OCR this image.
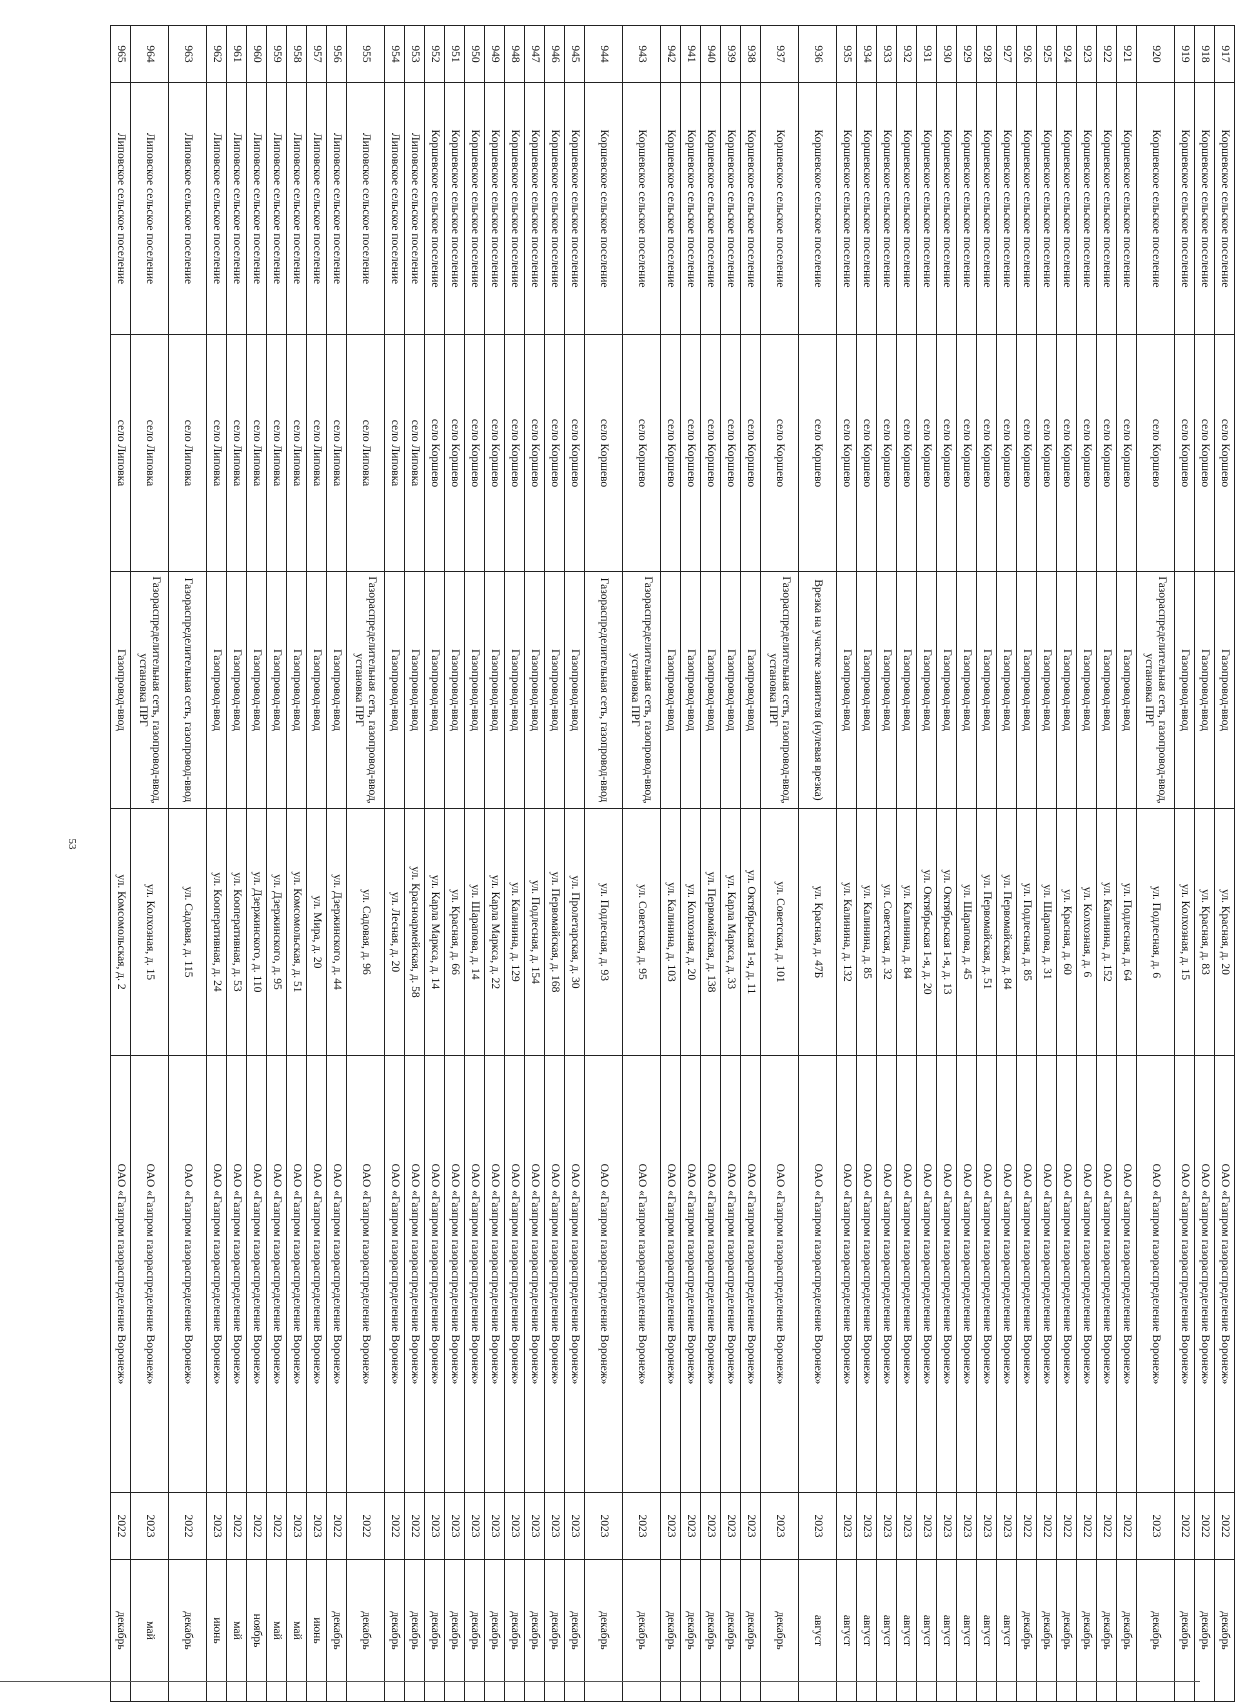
53
917	Коршевское сельское поселение	село Коршево	Газопровод-ввод	ул. Красная, д. 20	ОАО «Газпром газораспределение Воронеж»	2022	декабрь
918	Коршевское сельское поселение	село Коршево	Газопровод-ввод	ул. Красная, д. 83	ОАО «Газпром газораспределение Воронеж»	2022	декабрь
919	Коршевское сельское поселение	село Коршево	Газопровод-ввод	ул. Колхозная, д. 15	ОАО «Газпром газораспределение Воронеж»	2022	декабрь
920	Коршевское сельское поселение	село Коршево	Газораспределительная сеть, газопровод-ввод, установка ПРГ	ул. Подлесная, д. 6	ОАО «Газпром газораспределение Воронеж»	2023	декабрь
921	Коршевское сельское поселение	село Коршево	Газопровод-ввод	ул. Подлесная, д. 64	ОАО «Газпром газораспределение Воронеж»	2022	декабрь
922	Коршевское сельское поселение	село Коршево	Газопровод-ввод	ул. Калинина, д. 152	ОАО «Газпром газораспределение Воронеж»	2022	декабрь
923	Коршевское сельское поселение	село Коршево	Газопровод-ввод	ул. Колхозная, д. 6	ОАО «Газпром газораспределение Воронеж»	2022	декабрь
924	Коршевское сельское поселение	село Коршево	Газопровод-ввод	ул. Красная, д. 60	ОАО «Газпром газораспределение Воронеж»	2022	декабрь
925	Коршевское сельское поселение	село Коршево	Газопровод-ввод	ул. Шарапова, д. 31	ОАО «Газпром газораспределение Воронеж»	2022	декабрь
926	Коршевское сельское поселение	село Коршево	Газопровод-ввод	ул. Подлесная, д. 85	ОАО «Газпром газораспределение Воронеж»	2022	декабрь
927	Коршевское сельское поселение	село Коршево	Газопровод-ввод	ул. Первомайская, д. 84	ОАО «Газпром газораспределение Воронеж»	2023	август
928	Коршевское сельское поселение	село Коршево	Газопровод-ввод	ул. Первомайская, д. 51	ОАО «Газпром газораспределение Воронеж»	2023	август
929	Коршевское сельское поселение	село Коршево	Газопровод-ввод	ул. Шарапова, д. 45	ОАО «Газпром газораспределение Воронеж»	2023	август
930	Коршевское сельское поселение	село Коршево	Газопровод-ввод	ул. Октябрьская 1-я, д. 13	ОАО «Газпром газораспределение Воронеж»	2023	август
931	Коршевское сельское поселение	село Коршево	Газопровод-ввод	ул. Октябрьская 1-я, д. 20	ОАО «Газпром газораспределение Воронеж»	2023	август
932	Коршевское сельское поселение	село Коршево	Газопровод-ввод	ул. Калинина, д. 84	ОАО «Газпром газораспределение Воронеж»	2023	август
933	Коршевское сельское поселение	село Коршево	Газопровод-ввод	ул. Советская, д. 32	ОАО «Газпром газораспределение Воронеж»	2023	август
934	Коршевское сельское поселение	село Коршево	Газопровод-ввод	ул. Калинина, д. 85	ОАО «Газпром газораспределение Воронеж»	2023	август
935	Коршевское сельское поселение	село Коршево	Газопровод-ввод	ул. Калинина, д. 132	ОАО «Газпром газораспределение Воронеж»	2023	август
936	Коршевское сельское поселение	село Коршево	Врезка на участке заявителя (нулевая врезка)	ул. Красная, д. 47Б	ОАО «Газпром газораспределение Воронеж»	2023	август
937	Коршевское сельское поселение	село Коршево	Газораспределительная сеть, газопровод-ввод, установка ПРГ	ул. Советская, д. 101	ОАО «Газпром газораспределение Воронеж»	2023	декабрь
938	Коршевское сельское поселение	село Коршево	Газопровод-ввод	ул. Октябрьская 1-я, д. 11	ОАО «Газпром газораспределение Воронеж»	2023	декабрь
939	Коршевское сельское поселение	село Коршево	Газопровод-ввод	ул. Карла Маркса, д. 33	ОАО «Газпром газораспределение Воронеж»	2023	декабрь
940	Коршевское сельское поселение	село Коршево	Газопровод-ввод	ул. Первомайская, д. 138	ОАО «Газпром газораспределение Воронеж»	2023	декабрь
941	Коршевское сельское поселение	село Коршево	Газопровод-ввод	ул. Колхозная, д. 20	ОАО «Газпром газораспределение Воронеж»	2023	декабрь
942	Коршевское сельское поселение	село Коршево	Газопровод-ввод	ул. Калинина, д. 103	ОАО «Газпром газораспределение Воронеж»	2023	декабрь
943	Коршевское сельское поселение	село Коршево	Газораспределительная сеть, газопровод-ввод, установка ПРГ	ул. Советская, д. 95	ОАО «Газпром газораспределение Воронеж»	2023	декабрь
944	Коршевское сельское поселение	село Коршево	Газораспределительная сеть, газопровод-ввод	ул. Подлесная, д. 93	ОАО «Газпром газораспределение Воронеж»	2023	декабрь
945	Коршевское сельское поселение	село Коршево	Газопровод-ввод	ул. Пролетарская, д. 30	ОАО «Газпром газораспределение Воронеж»	2023	декабрь
946	Коршевское сельское поселение	село Коршево	Газопровод-ввод	ул. Первомайская, д. 168	ОАО «Газпром газораспределение Воронеж»	2023	декабрь
947	Коршевское сельское поселение	село Коршево	Газопровод-ввод	ул. Подлесная, д. 154	ОАО «Газпром газораспределение Воронеж»	2023	декабрь
948	Коршевское сельское поселение	село Коршево	Газопровод-ввод	ул. Калинина, д. 129	ОАО «Газпром газораспределение Воронеж»	2023	декабрь
949	Коршевское сельское поселение	село Коршево	Газопровод-ввод	ул. Карла Маркса, д. 22	ОАО «Газпром газораспределение Воронеж»	2023	декабрь
950	Коршевское сельское поселение	село Коршево	Газопровод-ввод	ул. Шарапова, д. 14	ОАО «Газпром газораспределение Воронеж»	2023	декабрь
951	Коршевское сельское поселение	село Коршево	Газопровод-ввод	ул. Красная, д. 66	ОАО «Газпром газораспределение Воронеж»	2023	декабрь
952	Коршевское сельское поселение	село Коршево	Газопровод-ввод	ул. Карла Маркса, д. 14	ОАО «Газпром газораспределение Воронеж»	2023	декабрь
953	Липовское сельское поселение	село Липовка	Газопровод-ввод	ул. Красноармейская, д. 58	ОАО «Газпром газораспределение Воронеж»	2022	декабрь
954	Липовское сельское поселение	село Липовка	Газопровод-ввод	ул. Лесная, д. 20	ОАО «Газпром газораспределение Воронеж»	2022	декабрь
955	Липовское сельское поселение	село Липовка	Газораспределительная сеть, газопровод-ввод, установка ПРГ	ул. Садовая, д. 96	ОАО «Газпром газораспределение Воронеж»	2022	декабрь
956	Липовское сельское поселение	село Липовка	Газопровод-ввод	ул. Дзержинского, д. 44	ОАО «Газпром газораспределение Воронеж»	2022	декабрь
957	Липовское сельское поселение	село Липовка	Газопровод-ввод	ул. Мира, д. 20	ОАО «Газпром газораспределение Воронеж»	2023	июнь
958	Липовское сельское поселение	село Липовка	Газопровод-ввод	ул. Комсомольская, д. 51	ОАО «Газпром газораспределение Воронеж»	2023	май
959	Липовское сельское поселение	село Липовка	Газопровод-ввод	ул. Дзержинского, д. 95	ОАО «Газпром газораспределение Воронеж»	2022	май
960	Липовское сельское поселение	село Липовка	Газопровод-ввод	ул. Дзержинского, д. 110	ОАО «Газпром газораспределение Воронеж»	2022	ноябрь
961	Липовское сельское поселение	село Липовка	Газопровод-ввод	ул. Кооперативная, д. 53	ОАО «Газпром газораспределение Воронеж»	2022	май
962	Липовское сельское поселение	село Липовка	Газопровод-ввод	ул. Кооперативная, д. 24	ОАО «Газпром газораспределение Воронеж»	2023	июнь
963	Липовское сельское поселение	село Липовка	Газораспределительная сеть, газопровод-ввод	ул. Садовая, д. 115	ОАО «Газпром газораспределение Воронеж»	2022	декабрь
964	Липовское сельское поселение	село Липовка	Газораспределительная сеть, газопровод-ввод, установка ПРГ	ул. Колхозная, д. 15	ОАО «Газпром газораспределение Воронеж»	2023	май
965	Липовское сельское поселение	село Липовка	Газопровод-ввод	ул. Комсомольская, д. 2	ОАО «Газпром газораспределение Воронеж»	2022	декабрь
